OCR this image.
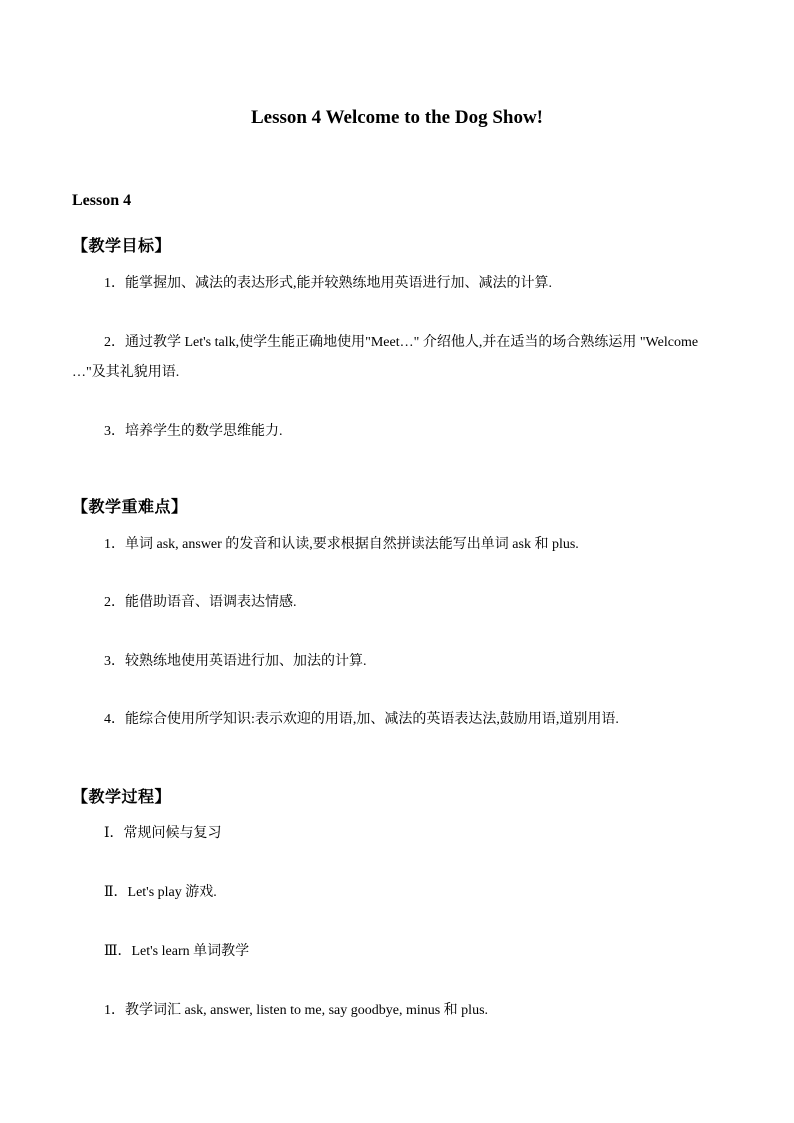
Lesson 4 Welcome to the Dog Show!
Lesson 4
【教学目标】
1．能掌握加、减法的表达形式,能并较熟练地用英语进行加、减法的计算.
2．通过教学 Let's talk,使学生能正确地使用"Meet…" 介绍他人,并在适当的场合熟练运用 "Welcome …"及其礼貌用语.
3．培养学生的数学思维能力.
【教学重难点】
1．单词 ask, answer 的发音和认读,要求根据自然拼读法能写出单词 ask 和 plus.
2．能借助语音、语调表达情感.
3．较熟练地使用英语进行加、加法的计算.
4．能综合使用所学知识:表示欢迎的用语,加、减法的英语表达法,鼓励用语,道别用语.
【教学过程】
Ⅰ．常规问候与复习
Ⅱ．Let's play 游戏.
Ⅲ．Let's learn 单词教学
1．教学词汇 ask, answer, listen to me, say goodbye, minus 和 plus.
